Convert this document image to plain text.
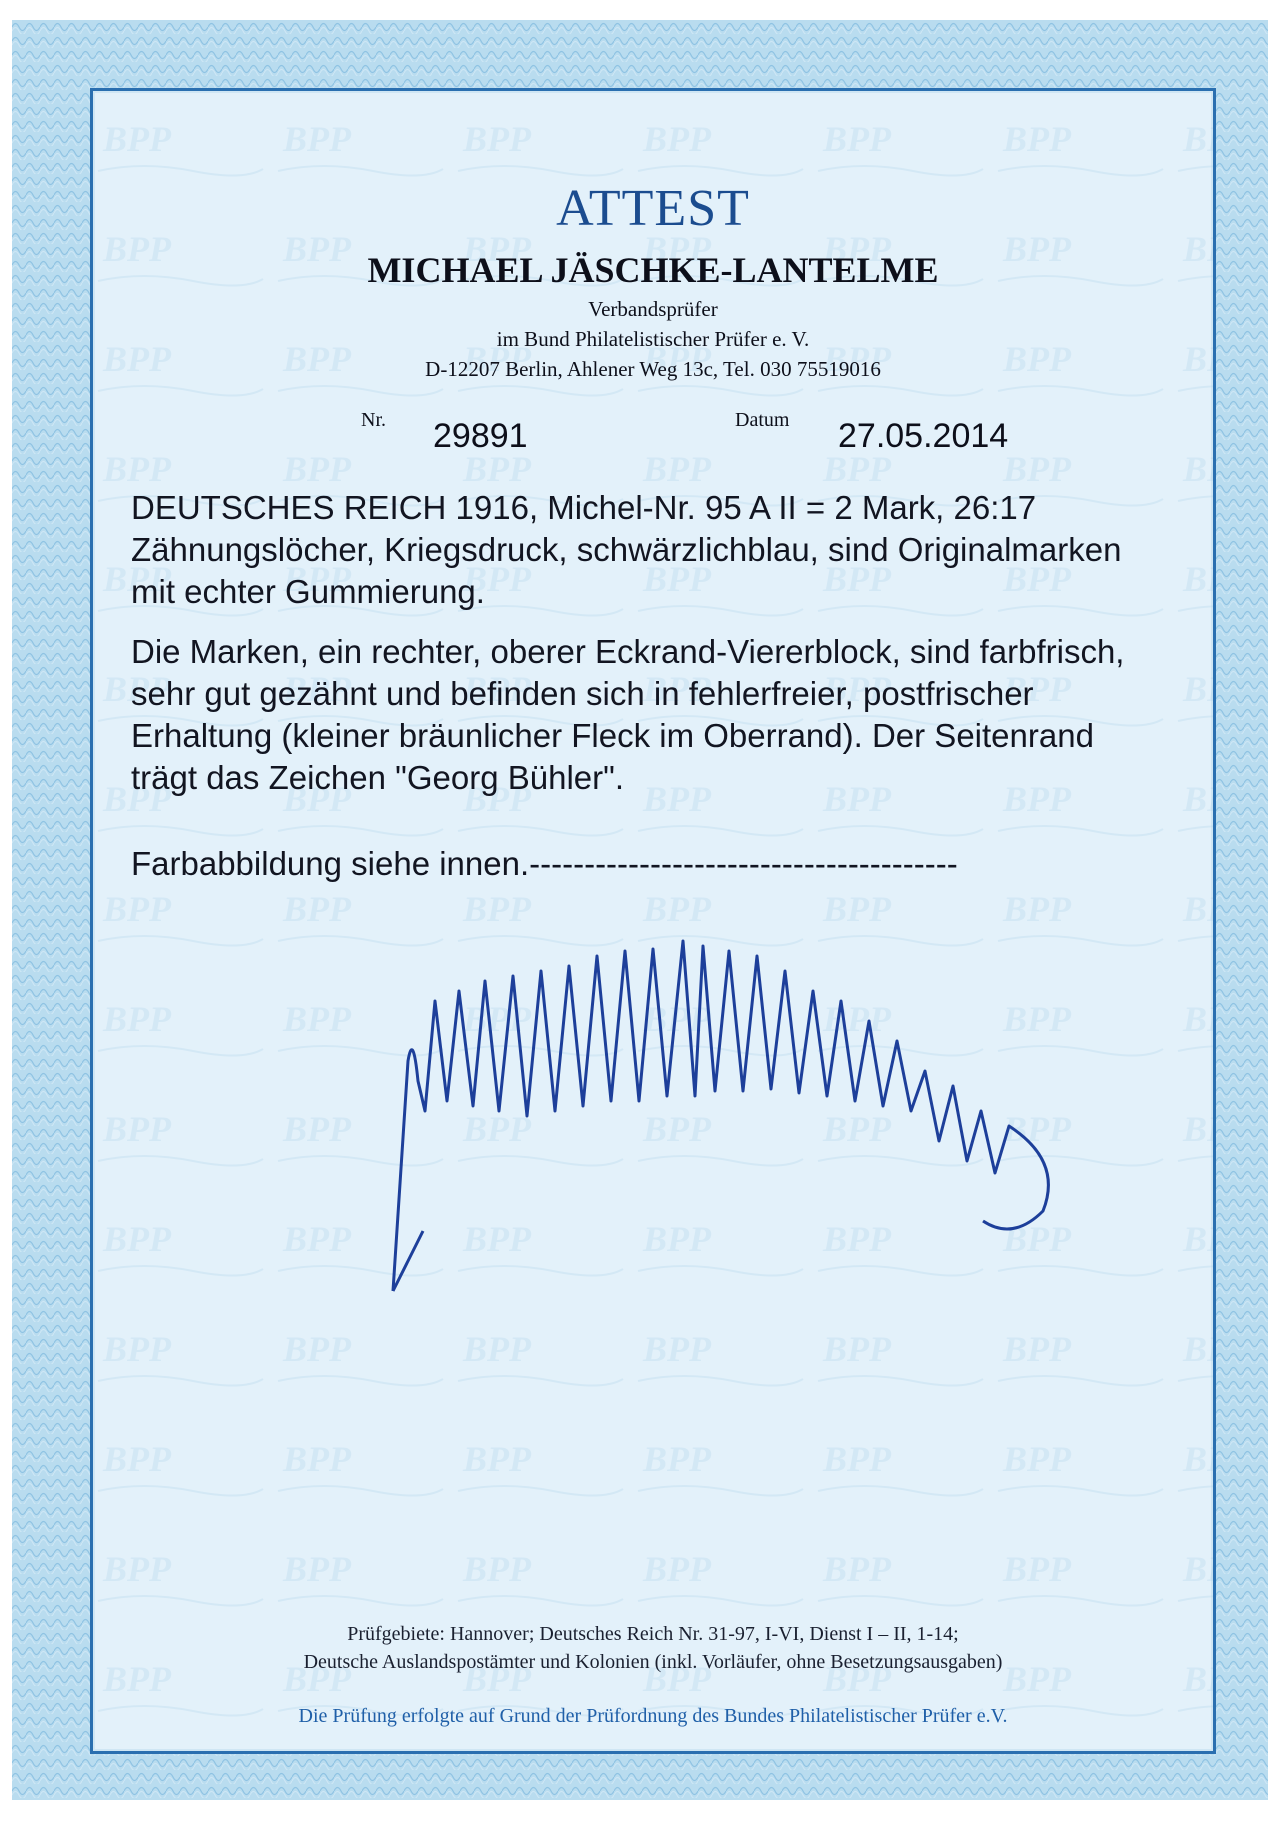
ATTEST
MICHAEL JÄSCHKE-LANTELME
Verbandsprüfer
im Bund Philatelistischer Prüfer e. V.
D-12207 Berlin, Ahlener Weg 13c, Tel. 030 75519016
Nr. 29891	Datum 27.05.2014
DEUTSCHES REICH 1916, Michel-Nr. 95 A II = 2 Mark, 26:17 Zähnungslöcher, Kriegsdruck, schwärzlichblau, sind Originalmarken mit echter Gummierung.
Die Marken, ein rechter, oberer Eckrand-Viererblock, sind farbfrisch, sehr gut gezähnt und befinden sich in fehlerfreier, postfrischer Erhaltung (kleiner bräunlicher Fleck im Oberrand). Der Seitenrand trägt das Zeichen "Georg Bühler".
Farbabbildung siehe innen.---------------------------------------
Prüfgebiete: Hannover; Deutsches Reich Nr. 31-97, I-VI, Dienst I – II, 1-14;
Deutsche Auslandspostämter und Kolonien (inkl. Vorläufer, ohne Besetzungsausgaben)
Die Prüfung erfolgte auf Grund der Prüfordnung des Bundes Philatelistischer Prüfer e.V.
